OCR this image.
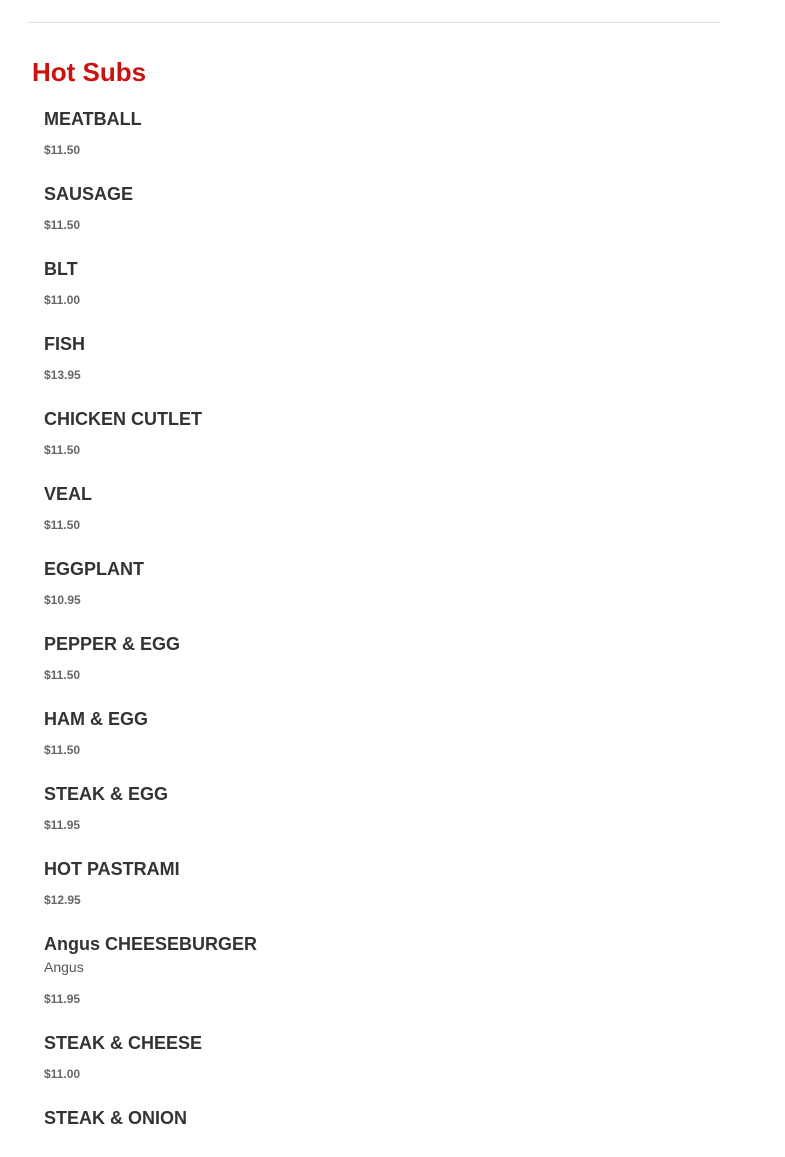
Hot Subs
MEATBALL
$11.50
SAUSAGE
$11.50
BLT
$11.00
FISH
$13.95
CHICKEN CUTLET
$11.50
VEAL
$11.50
EGGPLANT
$10.95
PEPPER & EGG
$11.50
HAM & EGG
$11.50
STEAK & EGG
$11.95
HOT PASTRAMI
$12.95
Angus CHEESEBURGER
Angus
$11.95
STEAK & CHEESE
$11.00
STEAK & ONION
